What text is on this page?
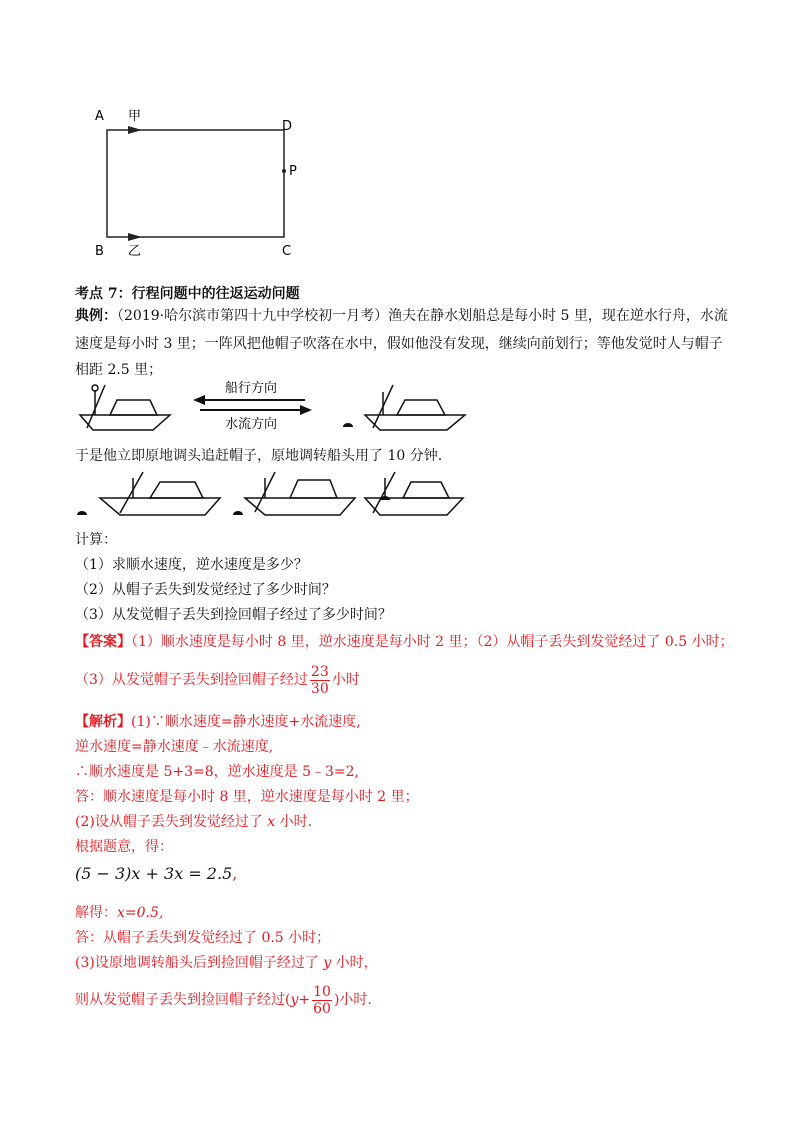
A 甲
D
P
B 乙	C
考点 7：行程问题中的往返运动问题
典例：（2019·哈尔滨市第四十九中学校初一月考）渔夫在静水划船总是每小时 5 里，现在逆水行舟，水流
速度是每小时 3 里；一阵风把他帽子吹落在水中，假如他没有发现，继续向前划行；等他发觉时人与帽子
相距 2.5 里；
船行方向
水流方向
于是他立即原地调头追赶帽子，原地调转船头用了 10 分钟.
计算：
（1）求顺水速度，逆水速度是多少？
（2）从帽子丢失到发觉经过了多少时间？
（3）从发觉帽子丢失到捡回帽子经过了多少时间？
【答案】（1）顺水速度是每小时 8 里，逆水速度是每小时 2 里；（2）从帽子丢失到发觉经过了 0.5 小时；
（3）从发觉帽子丢失到捡回帽子经过 $\frac{23}{30}$ 小时
【解析】(1)∵顺水速度=静水速度+水流速度,
逆水速度=静水速度﹣水流速度,
∴顺水速度是 5+3=8，逆水速度是 5﹣3=2,
答：顺水速度是每小时 8 里，逆水速度是每小时 2 里；
(2)设从帽子丢失到发觉经过了 x 小时.
根据题意，得：
(5 − 3)x + 3x = 2.5,
解得：x=0.5,
答：从帽子丢失到发觉经过了 0.5 小时；
(3)设原地调转船头后到捡回帽子经过了 y 小时，
则从发觉帽子丢失到捡回帽子经过($y+ \frac{10}{60}$ )小时.
